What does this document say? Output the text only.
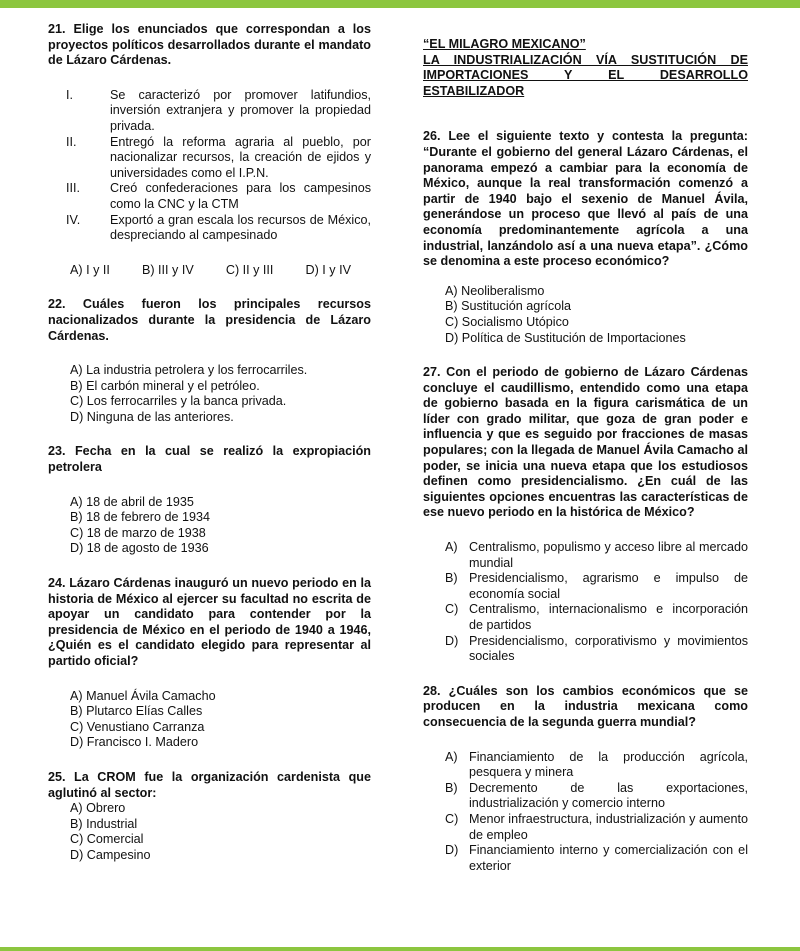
21. Elige los enunciados que correspondan a los proyectos políticos desarrollados durante el mandato de Lázaro Cárdenas.
I.	Se caracterizó por promover latifundios, inversión extranjera y promover la propiedad privada.
II.	Entregó la reforma agraria al pueblo, por nacionalizar recursos, la creación de ejidos y universidades como el I.P.N.
III. Creó confederaciones para los campesinos como la CNC y la CTM
IV. Exportó a gran escala los recursos de México, despreciando al campesinado
A) I y II	B) III y IV	C) II y III	D) I y IV
22. Cuáles fueron los principales recursos nacionalizados durante la presidencia de Lázaro Cárdenas.
A) La industria petrolera y los ferrocarriles.
B) El carbón mineral y el petróleo.
C) Los ferrocarriles y la banca privada.
D) Ninguna de las anteriores.
23. Fecha en la cual se realizó la expropiación petrolera
A) 18 de abril de 1935
B) 18 de febrero de 1934
C) 18 de marzo de 1938
D) 18 de agosto de 1936
24. Lázaro Cárdenas inauguró un nuevo periodo en la historia de México al ejercer su facultad no escrita de apoyar un candidato para contender por la presidencia de México en el periodo de 1940 a 1946, ¿Quién es el candidato elegido para representar al partido oficial?
A) Manuel Ávila Camacho
B) Plutarco Elías Calles
C) Venustiano Carranza
D) Francisco I. Madero
25. La CROM fue la organización cardenista que aglutinó al sector:
A) Obrero
B) Industrial
C) Comercial
D) Campesino
“EL MILAGRO MEXICANO”
LA INDUSTRIALIZACIÓN VÍA SUSTITUCIÓN DE IMPORTACIONES Y EL DESARROLLO ESTABILIZADOR
26. Lee el siguiente texto y contesta la pregunta: “Durante el gobierno del general Lázaro Cárdenas, el panorama empezó a cambiar para la economía de México, aunque la real transformación comenzó a partir de 1940 bajo el sexenio de Manuel Ávila, generándose un proceso que llevó al país de una economía predominantemente agrícola a una industrial, lanzándolo así a una nueva etapa”. ¿Cómo se denomina a este proceso económico?
A) Neoliberalismo
B) Sustitución agrícola
C) Socialismo Utópico
D) Política de Sustitución de Importaciones
27. Con el periodo de gobierno de Lázaro Cárdenas concluye el caudillismo, entendido como una etapa de gobierno basada en la figura carismática de un líder con grado militar, que goza de gran poder e influencia y que es seguido por fracciones de masas populares; con la llegada de Manuel Ávila Camacho al poder, se inicia una nueva etapa que los estudiosos definen como presidencialismo. ¿En cuál de las siguientes opciones encuentras las características de ese nuevo periodo en la histórica de México?
A) Centralismo, populismo y acceso libre al mercado mundial
B) Presidencialismo, agrarismo e impulso de economía social
C) Centralismo, internacionalismo e incorporación de partidos
D) Presidencialismo, corporativismo y movimientos sociales
28. ¿Cuáles son los cambios económicos que se producen en la industria mexicana como consecuencia de la segunda guerra mundial?
A) Financiamiento de la producción agrícola, pesquera y minera
B) Decremento de las exportaciones, industrialización y comercio interno
C) Menor infraestructura, industrialización y aumento de empleo
D) Financiamiento interno y comercialización con el exterior
